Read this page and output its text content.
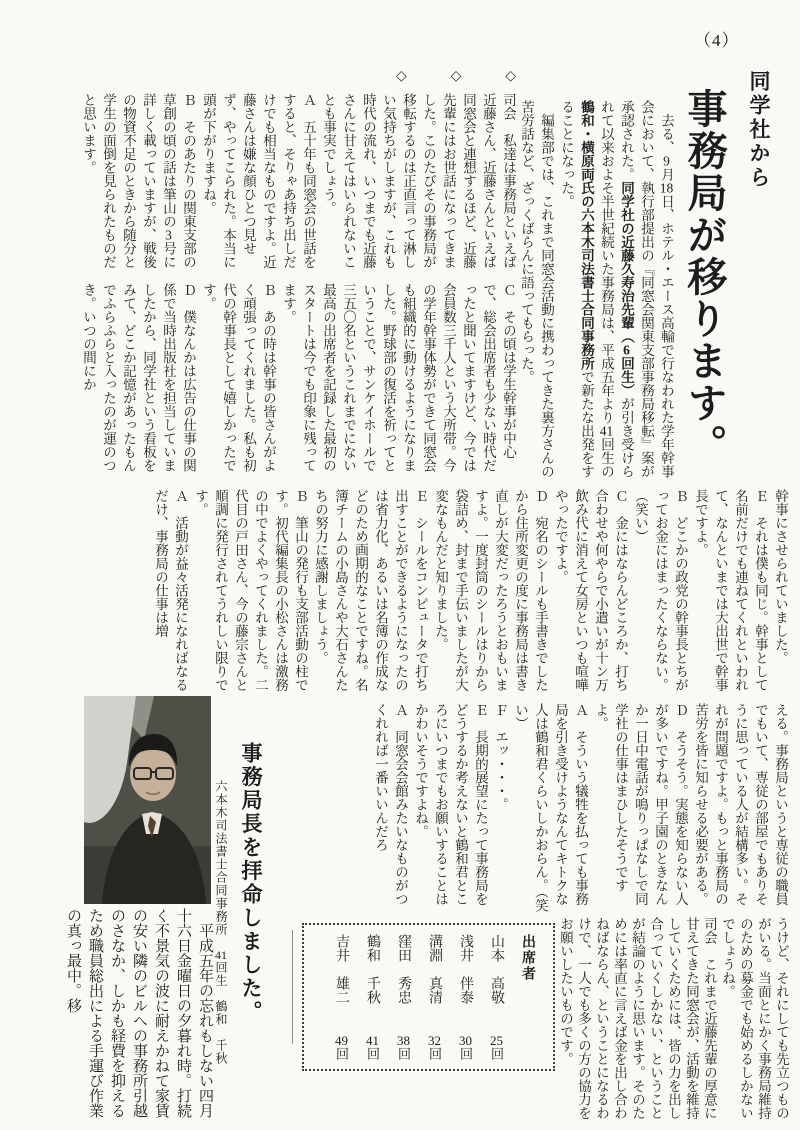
（4）
同学社から
事務局が移ります。

　去る、9月18日、ホテル・エース高輪で行なわれた学年幹事会において、執行部提出の『同窓会関東支部事務局移転』案が承認された。同学社の近藤久寿治先輩（6回生）が引き受けられて以来およそ半世紀続いた事務局は、平成五年より41回生の鶴和・横原両氏の六本木司法書士合同事務所で新たな出発をすることになった。

　編集部では、これまで同窓会活動に携わってきた裏方さんの苦労話など、ざっくばらんに語ってもらった。

◇	◇	◇

司会　私達は事務局といえば近藤さん、近藤さんといえば同窓会と連想するほど、近藤先輩にはお世話になってきました。このたびその事務局が移転するのは正直言って淋しい気持ちがしますが、これも時代の流れ、いつまでも近藤さんに甘えてはいられないことも事実でしょう。

Ａ　五十年も同窓会の世話をすると、そりゃあ持ち出しだけでも相当なものですよ。近藤さんは嫌な顔ひとつ見せず、やってこられた。本当に頭が下がりますね。

Ｂ　そのあたりの関東支部の草創の頃の話は筆山の3号に詳しく載っていますが、戦後の物資不足のときから随分と学生の面倒を見られたものだと思います。

Ｃ　その頃は学生幹事が中心で、総会出席者も少ない時代だったと聞いてますけど、今では会員数三千人という大所帯。今の学年幹事体勢ができて同窓会も組織的に動けるようになりました。野球部の復活を祈ってということで、サンケイホールで三五〇名というこれまでにない最高の出席者を記録した最初のスタートは今でも印象に残ってます。

Ｂ　あの時は幹事の皆さんがよく頑張ってくれました。私も初代の幹事長として嬉しかったです。

Ｄ　僕なんかは広告の仕事の関係で当時出版社を担当していましたから、同学社という看板をみて、どこか記憶があったもんでふらふらと入ったのが運のつき。いつの間にか

幹事にさせられていました。

Ｅ　それは僕も同じ。幹事として名前だけでも連ねてくれといわれて、なんといまでは大出世で幹事長ですよ。

Ｂ　どこかの政党の幹事長とちがってお金にはまったくならない。（笑い）

Ｃ　金にはならんどころか、打ち合わせや何やらで小遣いが十ン万飲み代に消えて女房といつも喧嘩やったですよ。

Ｄ　宛名のシールも手書きでしたから住所変更の度に事務局は書き直しが大変だったろうとおもいますよ。一度封筒のシールはりから袋詰め、封まで手伝いましたが大変なもんだと知りました。

Ｅ　シールをコンピュータで打ち出すことができるようになったのは省力化、あるいは名簿の作成などのため画期的なことですね。名簿チームの小島さんや大石さんたちの努力に感謝しましょう。

Ｂ　筆山の発行も支部活動の柱です。初代編集長の小松さんは激務の中でよくやってくれました。二代目の戸田さん、今の藤宗さんと順調に発行されてうれしい限りです。

Ａ　活動が益々活発になればなるだけ、事務局の仕事は増

える。事務局というと専従の職員でもいて、専従の部屋でもありそうに思っている人が結構多い。それが問題ですよ。もっと事務局の苦労を皆に知らせる必要がある。

Ｄ　そうそう。実態を知らない人が多いですね。甲子園のときなんか一日中電話が鳴りっぱなしで同学社の仕事はまひしたそうですよ。

Ａ　そういう犠牲を払っても事務局を引き受けようなんてキトクな人は鶴和君くらいしかおらん。（笑い）

Ｆ　エッ・・・。

Ｅ　長期的展望にたって事務局をどうするか考えないと鶴和君ところにいつまでもお願いすることはかわいそうですよね。

Ａ　同窓会会館みたいなものがつくれれば一番いいんだろ

うけど、それにしても先立つものがいる。当面とにかく事務局維持のための募金でも始めるしかないでしょうね。

司会　これまで近藤先輩の厚意に甘えてきた同窓会が、活動を維持していくためには、皆の力を出し合っていくしかない、ということが結論のように思います。そのためには率直に言えば金を出し合わねばならん、ということになるわけで、一人でも多くの方の協力をお願いしたいものです。

出席者

山本　高敬
25回

浅井　伴泰
30回

溝淵　真清
32回

窪田　秀忠
38回

鶴和　千秋
41回

吉井　雄二
49回

事務局長を拝命しました。
六本木司法書士合同事務所　41回生　鶴和　千秋

　平成五年の忘れもしない四月十六日金曜日の夕暮れ時。打続く不景気の波に耐えかねて家賃の安い隣のビルへの事務所引越のさなか、しかも経費を抑えるため職員総出による手運び作業の真っ最中。移
